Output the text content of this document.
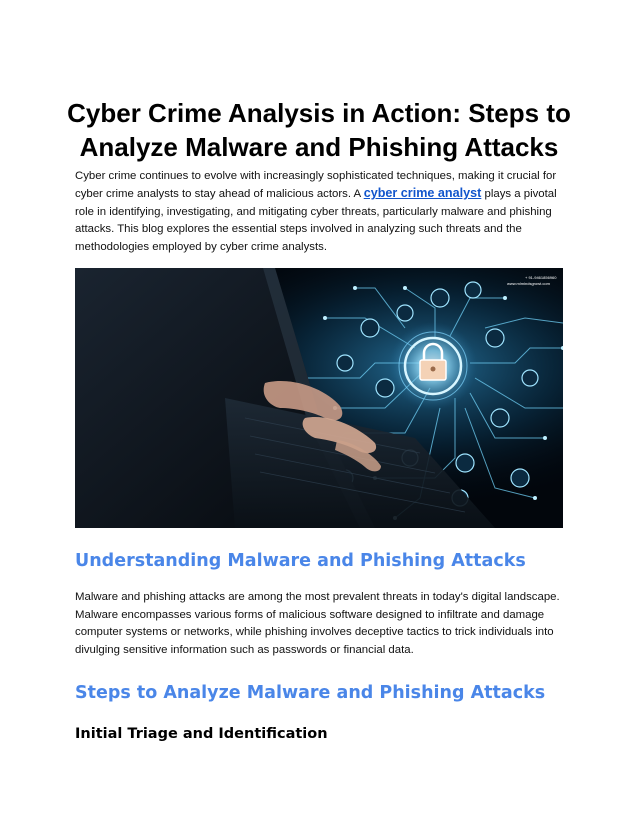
Cyber Crime Analysis in Action: Steps to Analyze Malware and Phishing Attacks

Cyber crime continues to evolve with increasingly sophisticated techniques, making it crucial for cyber crime analysts to stay ahead of malicious actors. A cyber crime analyst plays a pivotal role in identifying, investigating, and mitigating cyber threats, particularly malware and phishing attacks. This blog explores the essential steps involved in analyzing such threats and the methodologies employed by cyber crime analysts.

+ 91-9461856960
www.mlmindsgrowt.com
Understanding Malware and Phishing Attacks

Malware and phishing attacks are among the most prevalent threats in today's digital landscape. Malware encompasses various forms of malicious software designed to infiltrate and damage computer systems or networks, while phishing involves deceptive tactics to trick individuals into divulging sensitive information such as passwords or financial data.

Steps to Analyze Malware and Phishing Attacks
Initial Triage and Identification
